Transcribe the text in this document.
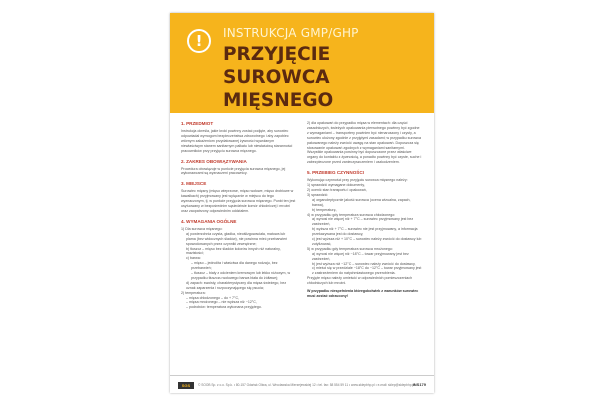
!	INSTRUKCJA GMP/GHP
PRZYJĘCIE SUROWCA MIĘSNEGO
1. PRZEDMIOT

Instrukcja określa, jakie kroki powinny zostać podjęte, aby surowiec odpowiadał wymogom bezpieczeństwa zdrowotnego i aby zapobiec wtórnym zakażeniom przydatowanej żywności wywołanym niewłaściwym stanem sanitarnym pałkatu lub niewłaściwą staranności pracowników przy przyjęciu surowca mięsnego.

2. ZAKRES OBOWIĄZYWANIA

Procedura obowiązuje w punkcie przyjęcia surowca mięsnego, jej wykonawcami są wyznaczeni pracownicy.

3. MIEJSCE

Surowiec mięsny (mięso wieprzowe, mięso wołowe, mięso drobiowe w kawałkach) przyjmowany jest wyłącznie w miejscu do tego wyznaczonym, tj. w punkcie przyjęcia surowca mięsnego. Punkt ten jest usytuowany w bezpośrednim sąsiedztwie komór chłodniczej i mroźni oraz zaopatrzony odpowiednim oddziałem.

4. WYMAGANIA OGÓLNE

1) Dla surowca mięsnego:

a) powierzchnia czysta, gładka, nieoślizgowaciała, matowa lub plama (bez widocznych śladów), nie powinna mieć przebarwień spowodowanych przez czynniki zewnętrzne;

b) tłuszcz – mięso bez śladów kolorów innych niż naturalny, mazistości;

c) barwa:

– mięso – jednolita i właściwa dla danego rodzaju, bez przebarwień;

– tłuszcz – biały z odcieniem kremowym lub lekko różowym, w przypadku tłuszczu wołowego barwa biała do żółtawej;

d) zapach: swoisty, charakterystyczny dla mięsa świeżego, bez oznak zaparzenia i rozpoczynającego się psucia;

2) temperatura:

– mięsa chłodzonego – do + 7°C,

– mięsa mrożonego – nie wyższa niż −12°C,

– podrobów: temperatura wykonana przyjętego.

2) dla opakowań do przypadku mięsa w elementach: dla części zasadniczych, świeżych opakowania pierwotnego powinny być zgodne z wymaganiami – transportery powinien być nienaruszony i czysty, a surowiec ułożony zgodnie z przyjętymi zasadami; w przypadku surowca pakowanego należy zwrócić uwagę na stan opakowań. Dopuszcza się stosowanie opakowań zgodnych z wymaganiami sanitarnymi. Wszystkie opakowania powinny być dopuszczone przez właściwe organy do kontaktu z żywnością, a ponadto powinny być czyste, suche i zabezpieczone przed zanieczyszczeniem i uszkodzeniem.

5. PRZEBIEG CZYNNOŚCI

Wykonując czynności przy przyjęciu surowca mięsnego należy:

1) sprawdzić wymagane dokumenty,

2) ocenić stan transportu i opakowań,

3) sprawdzić:

a) organoleptycznie jakość surowca (ocena wizualna, zapach, barwa),

b) temperaturę,

4) w przypadku gdy temperatura surowca chłodzonego:

a) wynosi nie więcej niż + 7°C – surowiec przyjmowany jest bez zastrzeżeń,

b) wyższa niż + 7°C – surowiec nie jest przyjmowany, a informacja przekazywana jest do dostawcy,

c) jest wyższa niż + 10°C – surowiec należy zwrócić do dostawcy lub zutylizować,

5) w przypadku gdy temperatura surowca mrożonego:

a) wynosi nie więcej niż −18°C – towar przyjmowany jest bez zastrzeżeń,

b) jest wyższa niż −12°C – surowiec należy zwrócić do dostawcy,

c) mieści się w przedziale −18°C do −12°C – towar przyjmowany jest z zastrzeżeniem do natychmiastowego przerobienia.

Przyjęte mięso należy umieścić w odpowiednich pomieszczeniach chłodniczych lub mroźni.

W przypadku niespełnienia któregokolwiek z warunków surowiec musi zostać odrzucony!

SGS	© SOOB Sp. z o.o. Sp.k. • 80-157 Gdańsk Oliwa, ul. Wrocławska Mierzejewskiej 12 • tel. fax: 58 554 59 11 • www.sklepbhp.pl • e-mail: sklep@sklepbhp.pl
INS179
